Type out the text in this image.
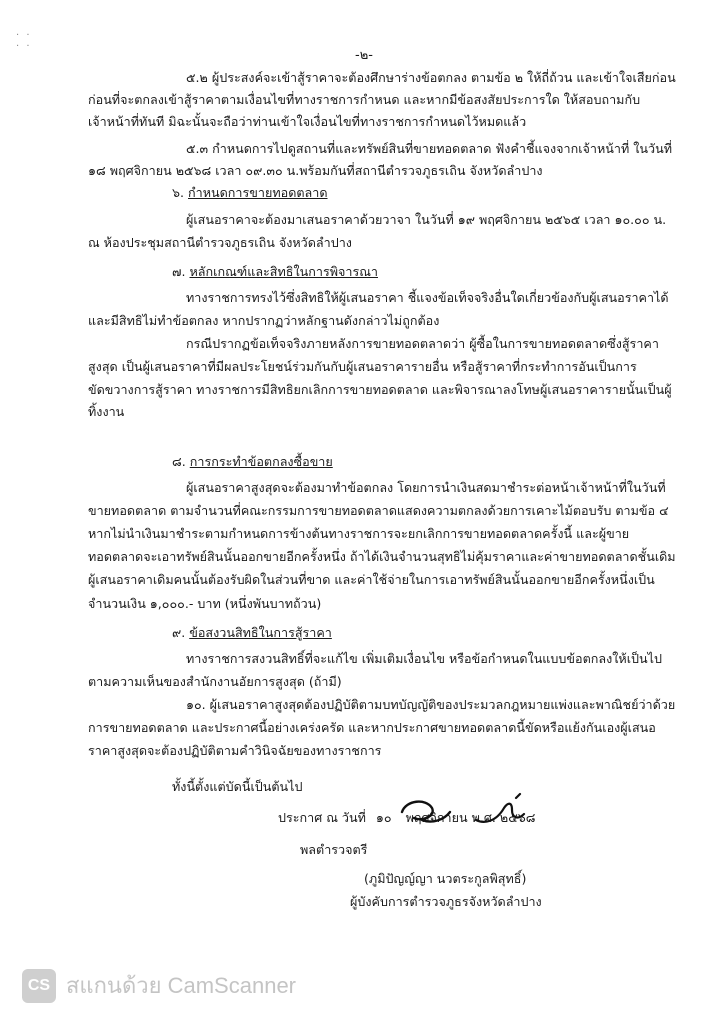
· ·
· ·
-๒-
๕.๒ ผู้ประสงค์จะเข้าสู้ราคาจะต้องศึกษาร่างข้อตกลง ตามข้อ ๒ ให้ถี่ถ้วน และเข้าใจเสียก่อน
ก่อนที่จะตกลงเข้าสู้ราคาตามเงื่อนไขที่ทางราชการกำหนด และหากมีข้อสงสัยประการใด ให้สอบถามกับ
เจ้าหน้าที่ทันที มิฉะนั้นจะถือว่าท่านเข้าใจเงื่อนไขที่ทางราชการกำหนดไว้หมดแล้ว
๕.๓ กำหนดการไปดูสถานที่และทรัพย์สินที่ขายทอดตลาด ฟังคำชี้แจงจากเจ้าหน้าที่ ในวันที่
๑๘ พฤศจิกายน ๒๕๖๘ เวลา ๐๙.๓๐ น.พร้อมกันที่สถานีตำรวจภูธรเถิน จังหวัดลำปาง
๖. กำหนดการขายทอดตลาด
ผู้เสนอราคาจะต้องมาเสนอราคาด้วยวาจา ในวันที่ ๑๙ พฤศจิกายน ๒๕๖๕ เวลา ๑๐.๐๐ น.
ณ ห้องประชุมสถานีตำรวจภูธรเถิน จังหวัดลำปาง
๗. หลักเกณฑ์และสิทธิในการพิจารณา
ทางราชการทรงไว้ซึ่งสิทธิให้ผู้เสนอราคา ชี้แจงข้อเท็จจริงอื่นใดเกี่ยวข้องกับผู้เสนอราคาได้
และมีสิทธิไม่ทำข้อตกลง หากปรากฏว่าหลักฐานดังกล่าวไม่ถูกต้อง
กรณีปรากฏข้อเท็จจริงภายหลังการขายทอดตลาดว่า ผู้ซื้อในการขายทอดตลาดซึ่งสู้ราคา
สูงสุด เป็นผู้เสนอราคาที่มีผลประโยชน์ร่วมกันกับผู้เสนอราคารายอื่น หรือสู้ราคาที่กระทำการอันเป็นการ
ขัดขวางการสู้ราคา ทางราชการมีสิทธิยกเลิกการขายทอดตลาด และพิจารณาลงโทษผู้เสนอราคารายนั้นเป็นผู้
ทิ้งงาน
๘. การกระทำข้อตกลงซื้อขาย
ผู้เสนอราคาสูงสุดจะต้องมาทำข้อตกลง โดยการนำเงินสดมาชำระต่อหน้าเจ้าหน้าที่ในวันที่
ขายทอดตลาด ตามจำนวนที่คณะกรรมการขายทอดตลาดแสดงความตกลงด้วยการเคาะไม้ตอบรับ ตามข้อ ๔
หากไม่นำเงินมาชำระตามกำหนดการข้างต้นทางราชการจะยกเลิกการขายทอดตลาดครั้งนี้ และผู้ขาย
ทอดตลาดจะเอาทรัพย์สินนั้นออกขายอีกครั้งหนึ่ง ถ้าได้เงินจำนวนสุทธิไม่คุ้มราคาและค่าขายทอดตลาดชั้นเดิม
ผู้เสนอราคาเดิมคนนั้นต้องรับผิดในส่วนที่ขาด และค่าใช้จ่ายในการเอาทรัพย์สินนั้นออกขายอีกครั้งหนึ่งเป็น
จำนวนเงิน ๑,๐๐๐.- บาท (หนึ่งพันบาทถ้วน)
๙. ข้อสงวนสิทธิในการสู้ราคา
ทางราชการสงวนสิทธิ์ที่จะแก้ไข เพิ่มเติมเงื่อนไข หรือข้อกำหนดในแบบข้อตกลงให้เป็นไป
ตามความเห็นของสำนักงานอัยการสูงสุด (ถ้ามี)
๑๐. ผู้เสนอราคาสูงสุดต้องปฏิบัติตามบทบัญญัติของประมวลกฎหมายแพ่งและพาณิชย์ว่าด้วย
การขายทอดตลาด และประกาศนี้อย่างเคร่งครัด และหากประกาศขายทอดตลาดนี้ขัดหรือแย้งกันเองผู้เสนอ
ราคาสูงสุดจะต้องปฏิบัติตามคำวินิจฉัยของทางราชการ
ทั้งนี้ตั้งแต่บัดนี้เป็นต้นไป
ประกาศ ณ วันที่ ๑๐ พฤศจิกายน พ.ศ. ๒๕๖๘
พลตำรวจตรี
(ภูมิปัญญ์ญา นวตระกูลพิสุทธิ์)
ผู้บังคับการตำรวจภูธรจังหวัดลำปาง
CS สแกนด้วย CamScanner
